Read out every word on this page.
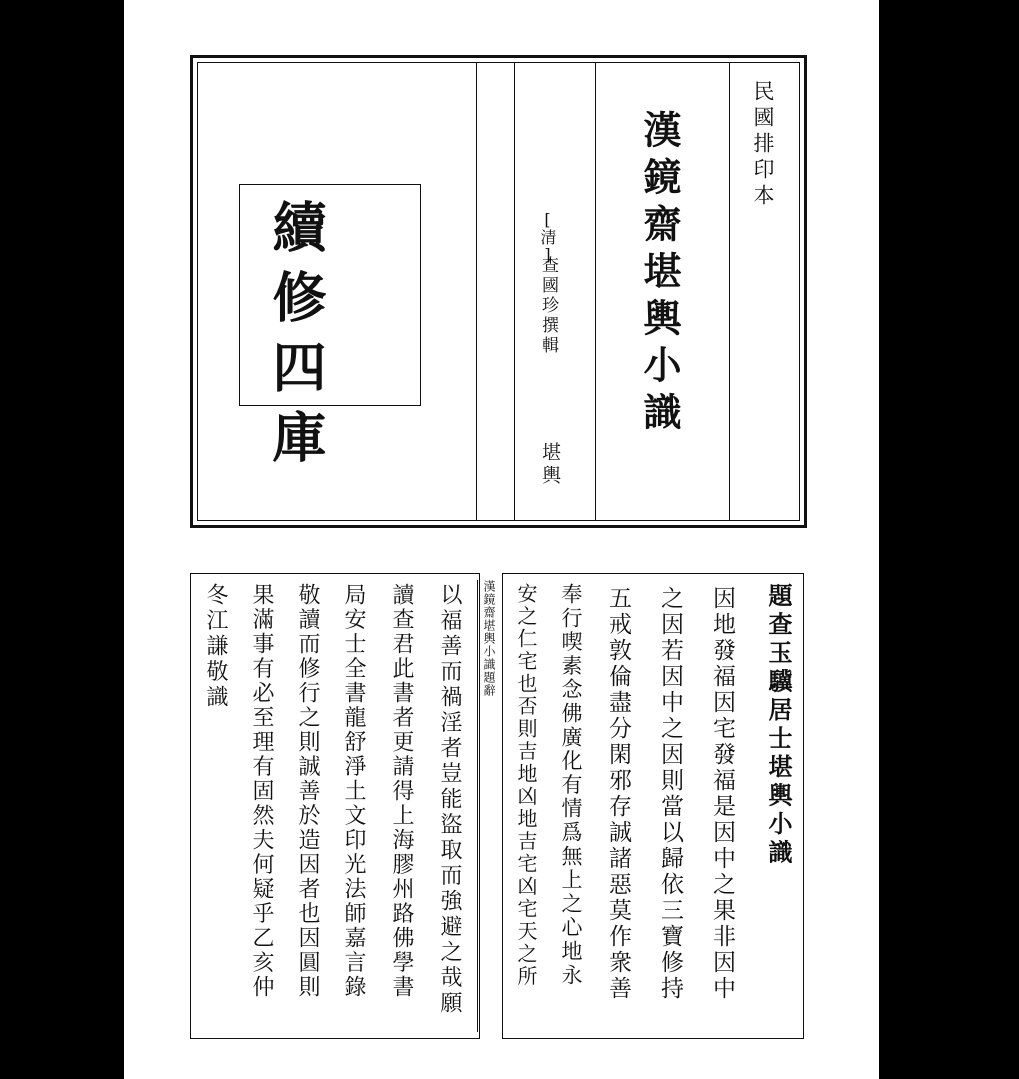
民國排印本
漢鏡齋堪輿小識
[清]
查國珍撰輯
堪輿
續修四庫
漢鏡齋堪輿小識題辭	題查玉驥居士堪輿小識
因地發福因宅發福是因中之果非因中
之因若因中之因則當以歸依三寶修持
五戒敦倫盡分閑邪存誠諸惡莫作衆善
奉行喫素念佛廣化有情爲無上之心地永
安之仁宅也否則吉地凶地吉宅凶宅天之所
以福善而禍淫者豈能盜取而強避之哉願
讀查君此書者更請得上海膠州路佛學書
局安士全書龍舒淨土文印光法師嘉言錄
敬讀而修行之則誠善於造因者也因圓則
果滿事有必至理有固然夫何疑乎乙亥仲
冬江謙敬識
